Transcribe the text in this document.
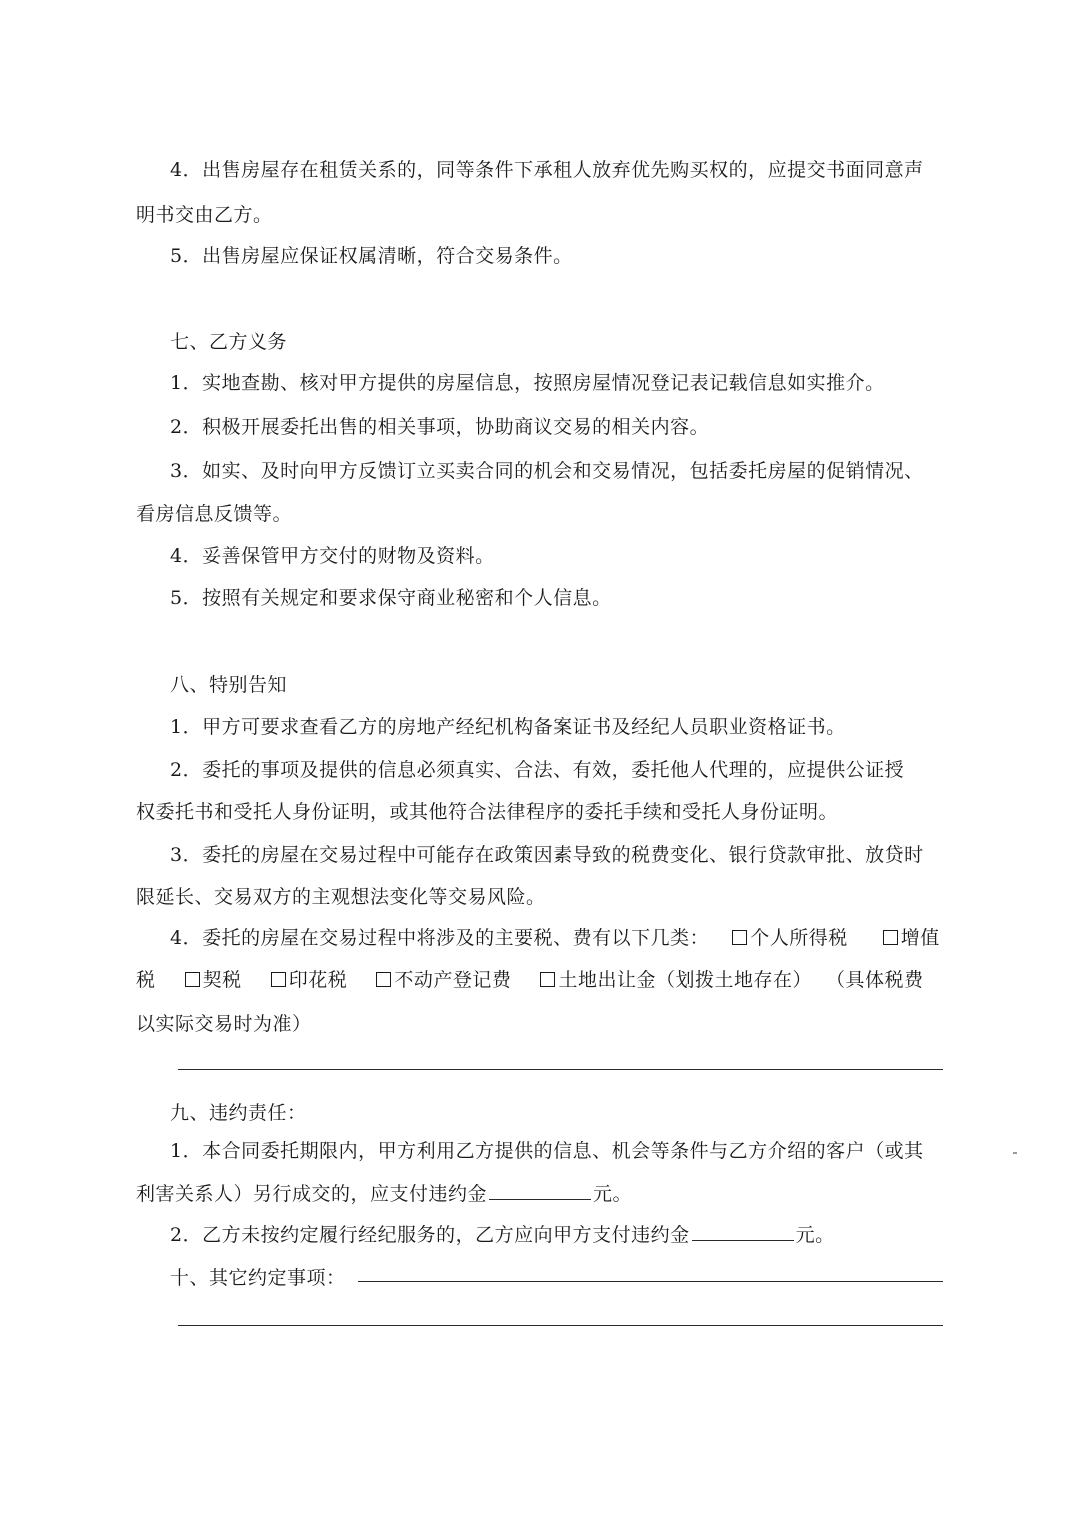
4．出售房屋存在租赁关系的，同等条件下承租人放弃优先购买权的，应提交书面同意声
明书交由乙方。
5．出售房屋应保证权属清晰，符合交易条件。
七、乙方义务
1．实地查勘、核对甲方提供的房屋信息，按照房屋情况登记表记载信息如实推介。
2．积极开展委托出售的相关事项，协助商议交易的相关内容。
3．如实、及时向甲方反馈订立买卖合同的机会和交易情况，包括委托房屋的促销情况、
看房信息反馈等。
4．妥善保管甲方交付的财物及资料。
5．按照有关规定和要求保守商业秘密和个人信息。
八、特别告知
1．甲方可要求查看乙方的房地产经纪机构备案证书及经纪人员职业资格证书。
2．委托的事项及提供的信息必须真实、合法、有效，委托他人代理的，应提供公证授
权委托书和受托人身份证明，或其他符合法律程序的委托手续和受托人身份证明。
3．委托的房屋在交易过程中可能存在政策因素导致的税费变化、银行贷款审批、放贷时
限延长、交易双方的主观想法变化等交易风险。
4．委托的房屋在交易过程中将涉及的主要税、费有以下几类： 个人所得税	增值
税 契税 印花税 不动产登记费 土地出让金（划拨土地存在） （具体税费
以实际交易时为准）
九、违约责任：
1．本合同委托期限内，甲方利用乙方提供的信息、机会等条件与乙方介绍的客户（或其
利害关系人）另行成交的，应支付违约金	元。
2．乙方未按约定履行经纪服务的，乙方应向甲方支付违约金	元。
十、其它约定事项：
